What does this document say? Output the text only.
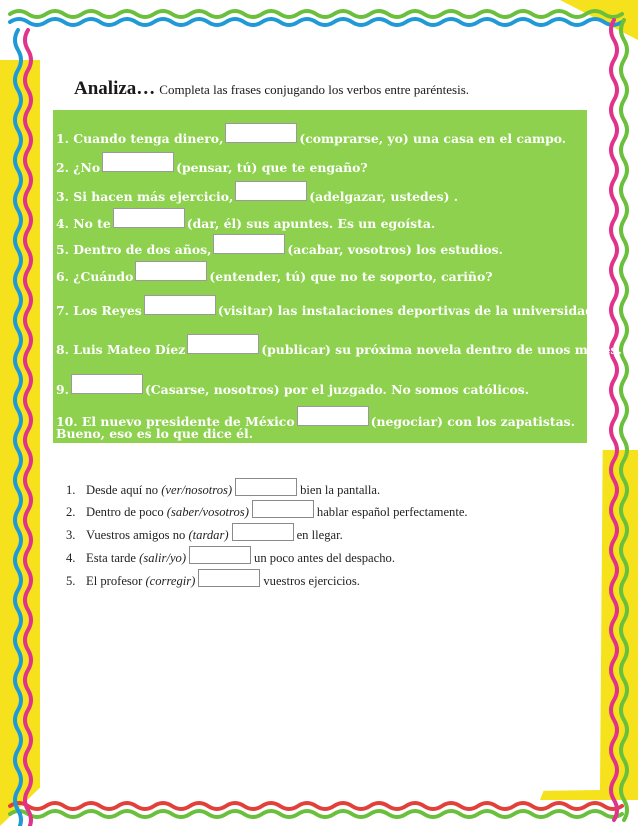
Analiza… Completa las frases conjugando los verbos entre paréntesis.
1. Cuando tenga dinero,	(comprarse, yo) una casa en el campo.
2. ¿No	(pensar, tú) que te engaño?
3. Si hacen más ejercicio,	(adelgazar, ustedes) .
4. No te	(dar, él) sus apuntes. Es un egoísta.
5. Dentro de dos años,	(acabar, vosotros) los estudios.
6. ¿Cuándo	(entender, tú) que no te soporto, cariño?
7. Los Reyes	(visitar) las instalaciones deportivas de la universidad.
8. Luis Mateo Díez	(publicar) su próxima novela dentro de unos meses.
9.	(Casarse, nosotros) por el juzgado. No somos católicos.
10. El nuevo presidente de México	(negociar) con los zapatistas.
Bueno, eso es lo que dice él.
1. Desde aquí no (ver/nosotros)	bien la pantalla.
2. Dentro de poco (saber/vosotros)	hablar español perfectamente.
3. Vuestros amigos no (tardar)	en llegar.
4. Esta tarde (salir/yo)	un poco antes del despacho.
5. El profesor (corregir)	vuestros ejercicios.
